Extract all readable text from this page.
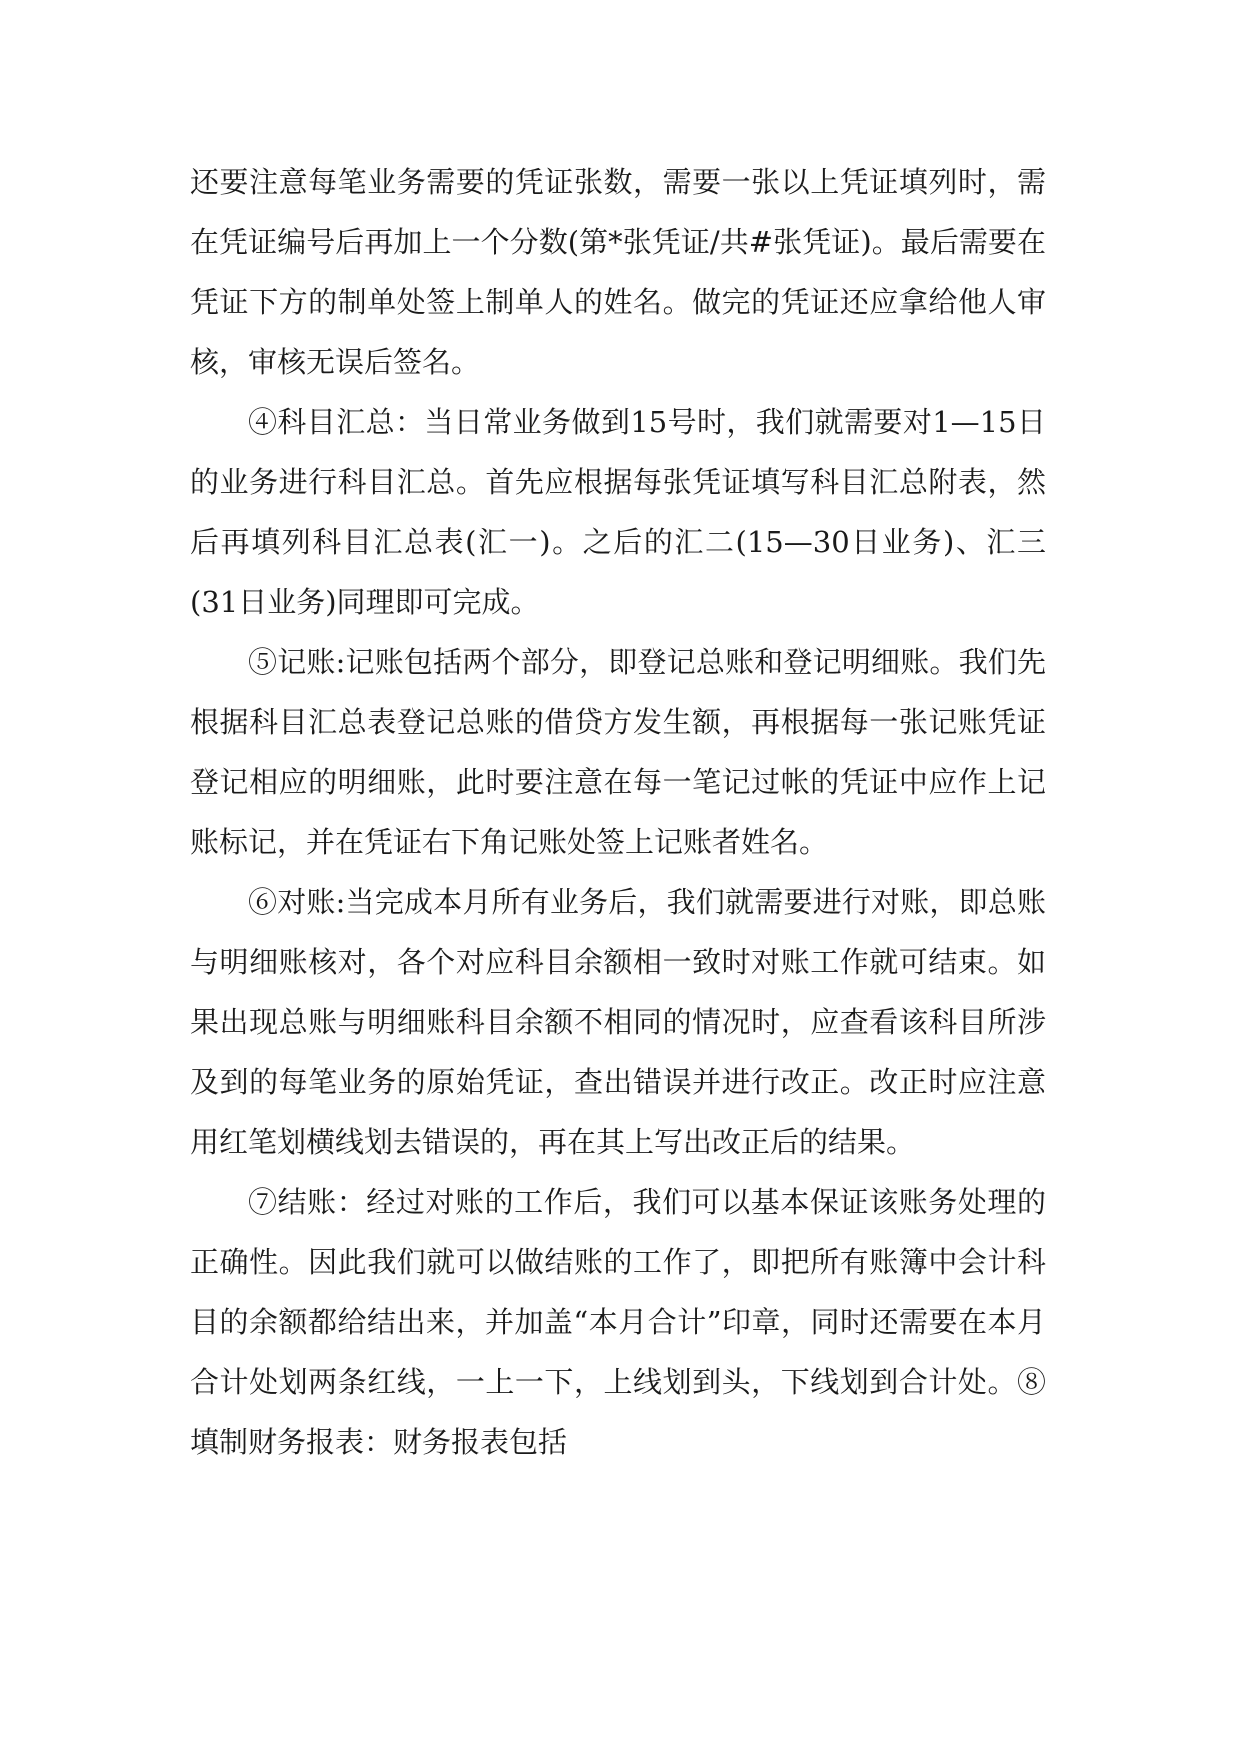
还要注意每笔业务需要的凭证张数，需要一张以上凭证填列时，需在凭证编号后再加上一个分数(第*张凭证/共#张凭证)。最后需要在凭证下方的制单处签上制单人的姓名。做完的凭证还应拿给他人审核，审核无误后签名。

④科目汇总：当日常业务做到15号时，我们就需要对1—15日的业务进行科目汇总。首先应根据每张凭证填写科目汇总附表，然后再填列科目汇总表(汇一)。之后的汇二(15—30日业务)、汇三(31日业务)同理即可完成。

⑤记账:记账包括两个部分，即登记总账和登记明细账。我们先根据科目汇总表登记总账的借贷方发生额，再根据每一张记账凭证登记相应的明细账，此时要注意在每一笔记过帐的凭证中应作上记账标记，并在凭证右下角记账处签上记账者姓名。

⑥对账:当完成本月所有业务后，我们就需要进行对账，即总账与明细账核对，各个对应科目余额相一致时对账工作就可结束。如果出现总账与明细账科目余额不相同的情况时，应查看该科目所涉及到的每笔业务的原始凭证，查出错误并进行改正。改正时应注意用红笔划横线划去错误的，再在其上写出改正后的结果。

⑦结账：经过对账的工作后，我们可以基本保证该账务处理的正确性。因此我们就可以做结账的工作了，即把所有账簿中会计科目的余额都给结出来，并加盖“本月合计”印章，同时还需要在本月合计处划两条红线，一上一下，上线划到头，下线划到合计处。⑧填制财务报表：财务报表包括
